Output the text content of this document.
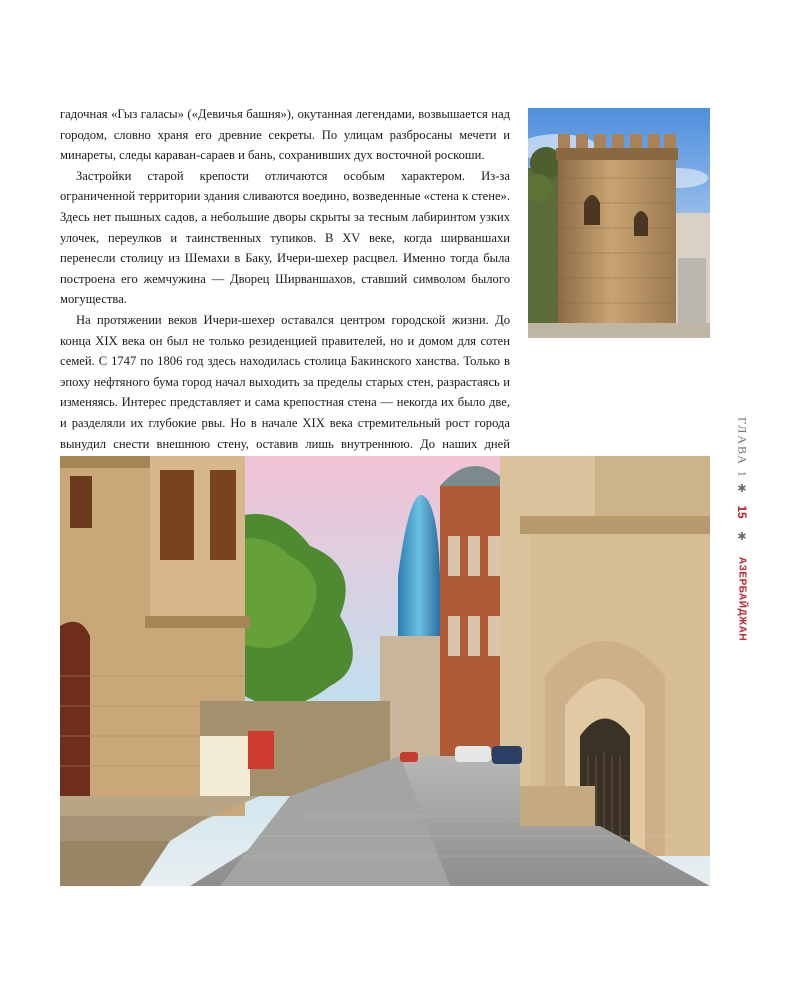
гадочная «Гыз галасы» («Девичья башня»), окутанная легендами, возвышается над городом, словно храня его древние секреты. По улицам разбросаны мечети и минареты, следы караван-сараев и бань, сохранивших дух восточной роскоши.

Застройки старой крепости отличаются особым характером. Из-за ограниченной территории здания сливаются воедино, возведенные «стена к стене». Здесь нет пышных садов, а небольшие дворы скрыты за тесным лабиринтом узких улочек, переулков и таинственных тупиков. В XV веке, когда ширваншахи перенесли столицу из Шемахи в Баку, Ичери-шехер расцвел. Именно тогда была построена его жемчужина — Дворец Ширваншахов, ставший символом былого могущества.

На протяжении веков Ичери-шехер оставался центром городской жизни. До конца XIX века он был не только резиденцией правителей, но и домом для сотен семей. С 1747 по 1806 год здесь находилась столица Бакинского ханства. Только в эпоху нефтяного бума город начал выходить за пределы старых стен, разрастаясь и изменяясь. Интерес представляет и сама крепостная стена — некогда их было две, и разделяли их глубокие рвы. Но в начале XIX века стремительный рост города вынудил снести внешнюю стену, оставив лишь внутреннюю. До наших дней	ГЛАВА 1
✱
15
✱
АЗЕРБАЙДЖАН
